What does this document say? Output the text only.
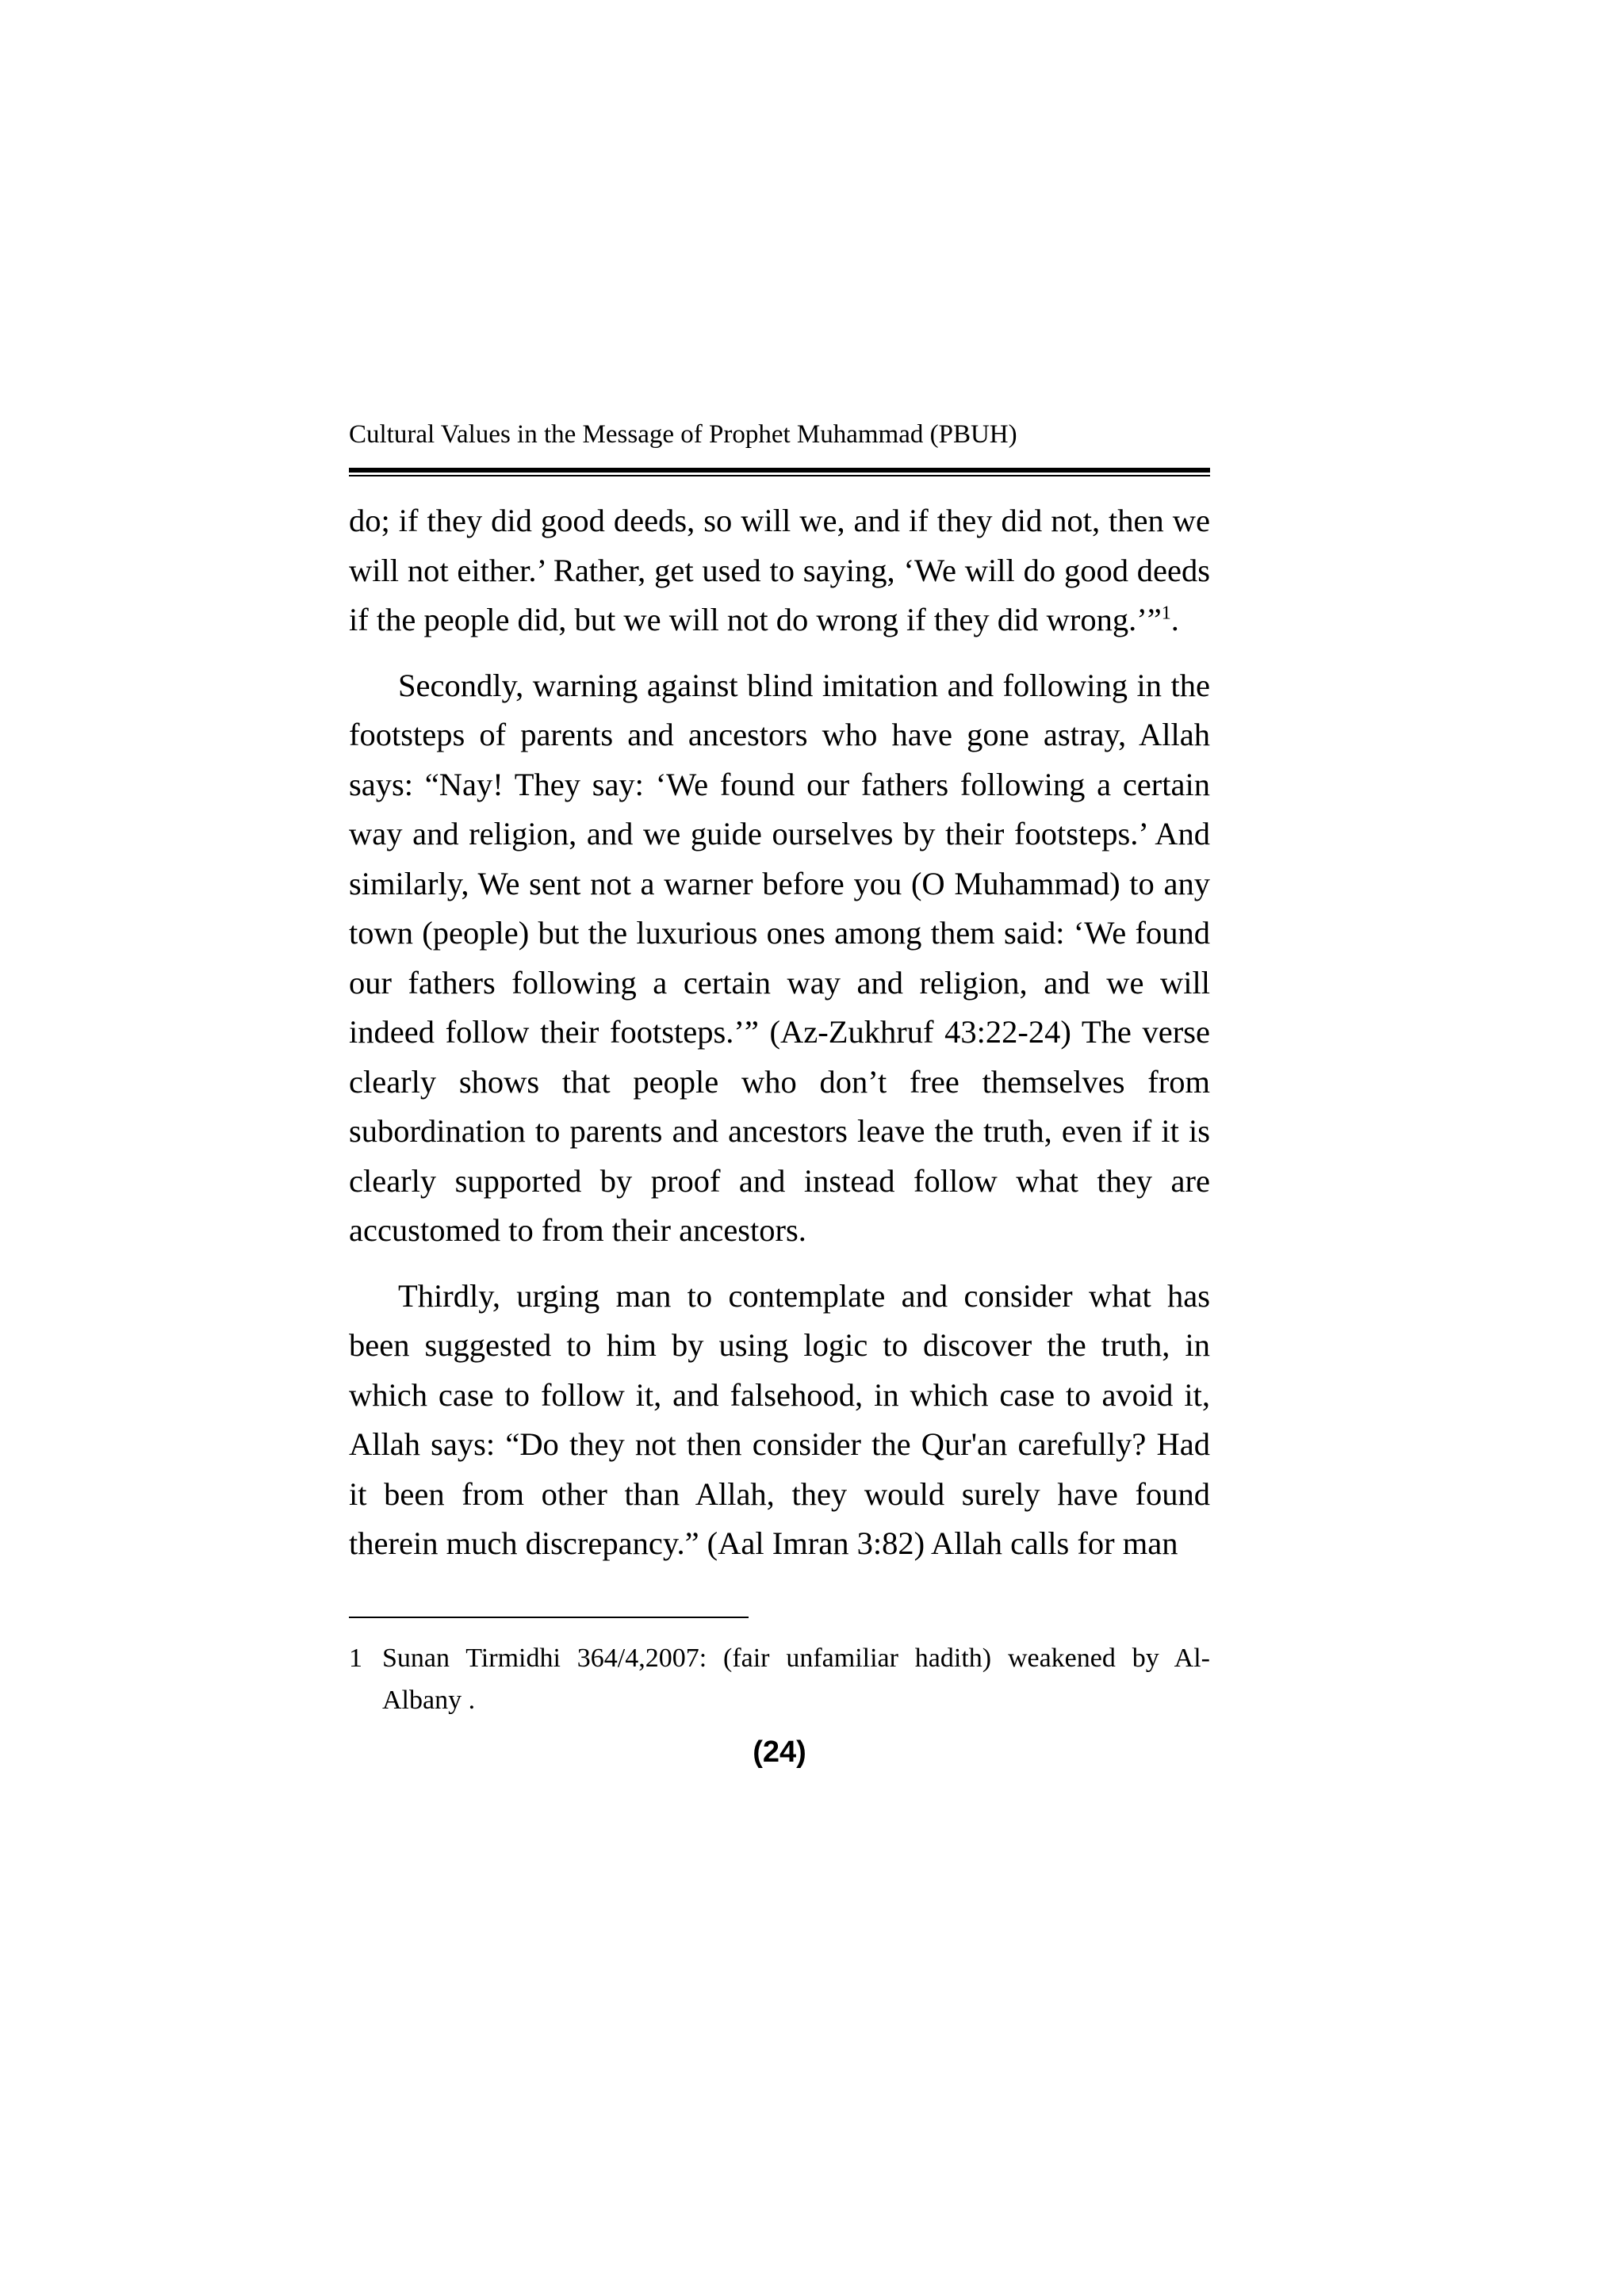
Cultural Values in the Message of Prophet Muhammad (PBUH)

do; if they did good deeds, so will we, and if they did not, then we will not either.’ Rather, get used to saying, ‘We will do good deeds if the people did, but we will not do wrong if they did wrong.’”$^1$.

Secondly, warning against blind imitation and following in the footsteps of parents and ancestors who have gone astray, Allah says: “Nay! They say: ‘We found our fathers following a certain way and religion, and we guide ourselves by their footsteps.’ And similarly, We sent not a warner before you (O Muhammad) to any town (people) but the luxurious ones among them said: ‘We found our fathers following a certain way and religion, and we will indeed follow their footsteps.’” (Az-Zukhruf 43:22-24) The verse clearly shows that people who don’t free themselves from subordination to parents and ancestors leave the truth, even if it is clearly supported by proof and instead follow what they are accustomed to from their ancestors.

Thirdly, urging man to contemplate and consider what has been suggested to him by using logic to discover the truth, in which case to follow it, and falsehood, in which case to avoid it, Allah says: “Do they not then consider the Qur'an carefully? Had it been from other than Allah, they would surely have found therein much discrepancy.” (Aal Imran 3:82) Allah calls for man

1 Sunan Tirmidhi 364/4,2007: (fair unfamiliar hadith) weakened by Al-Albany .
(24)
